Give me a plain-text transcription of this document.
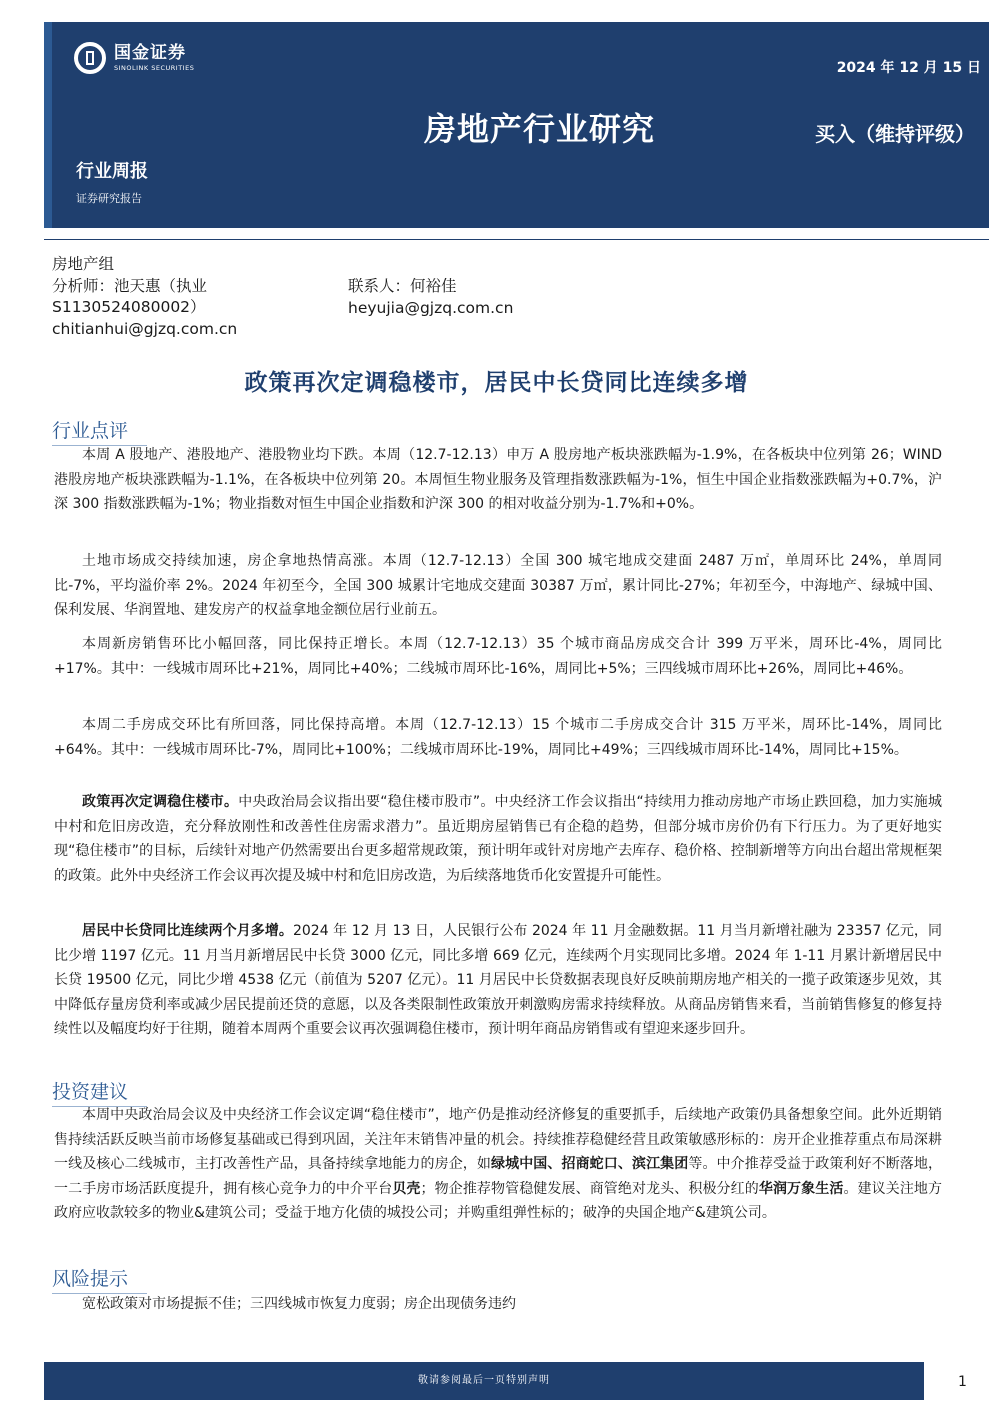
国金证券
SINOLINK SECURITIES	2024 年 12 月 15 日
房地产行业研究	买入（维持评级）
行业周报
证券研究报告
房地产组
分析师：池天惠（执业
S1130524080002）
chitianhui@gjzq.com.cn
联系人：何裕佳
heyujia@gjzq.com.cn
政策再次定调稳楼市，居民中长贷同比连续多增
行业点评
本周 A 股地产、港股地产、港股物业均下跌。本周（12.7-12.13）申万 A 股房地产板块涨跌幅为-1.9%，在各板块中位列第 26；WIND 港股房地产板块涨跌幅为-1.1%，在各板块中位列第 20。本周恒生物业服务及管理指数涨跌幅为-1%，恒生中国企业指数涨跌幅为+0.7%，沪深 300 指数涨跌幅为-1%；物业指数对恒生中国企业指数和沪深 300 的相对收益分别为-1.7%和+0%。
土地市场成交持续加速，房企拿地热情高涨。本周（12.7-12.13）全国 300 城宅地成交建面 2487 万㎡，单周环比 24%，单周同比-7%，平均溢价率 2%。2024 年初至今，全国 300 城累计宅地成交建面 30387 万㎡，累计同比-27%；年初至今，中海地产、绿城中国、保利发展、华润置地、建发房产的权益拿地金额位居行业前五。
本周新房销售环比小幅回落，同比保持正增长。本周（12.7-12.13）35 个城市商品房成交合计 399 万平米，周环比-4%，周同比+17%。其中：一线城市周环比+21%，周同比+40%；二线城市周环比-16%，周同比+5%；三四线城市周环比+26%，周同比+46%。
本周二手房成交环比有所回落，同比保持高增。本周（12.7-12.13）15 个城市二手房成交合计 315 万平米，周环比-14%，周同比+64%。其中：一线城市周环比-7%，周同比+100%；二线城市周环比-19%，周同比+49%；三四线城市周环比-14%，周同比+15%。
政策再次定调稳住楼市。中央政治局会议指出要“稳住楼市股市”。中央经济工作会议指出“持续用力推动房地产市场止跌回稳，加力实施城中村和危旧房改造，充分释放刚性和改善性住房需求潜力”。虽近期房屋销售已有企稳的趋势，但部分城市房价仍有下行压力。为了更好地实现“稳住楼市”的目标，后续针对地产仍然需要出台更多超常规政策，预计明年或针对房地产去库存、稳价格、控制新增等方向出台超出常规框架的政策。此外中央经济工作会议再次提及城中村和危旧房改造，为后续落地货币化安置提升可能性。
居民中长贷同比连续两个月多增。2024 年 12 月 13 日，人民银行公布 2024 年 11 月金融数据。11 月当月新增社融为 23357 亿元，同比少增 1197 亿元。11 月当月新增居民中长贷 3000 亿元，同比多增 669 亿元，连续两个月实现同比多增。2024 年 1-11 月累计新增居民中长贷 19500 亿元，同比少增 4538 亿元（前值为 5207 亿元）。11 月居民中长贷数据表现良好反映前期房地产相关的一揽子政策逐步见效，其中降低存量房贷利率或减少居民提前还贷的意愿，以及各类限制性政策放开刺激购房需求持续释放。从商品房销售来看，当前销售修复的修复持续性以及幅度均好于往期，随着本周两个重要会议再次强调稳住楼市，预计明年商品房销售或有望迎来逐步回升。
投资建议
本周中央政治局会议及中央经济工作会议定调“稳住楼市”，地产仍是推动经济修复的重要抓手，后续地产政策仍具备想象空间。此外近期销售持续活跃反映当前市场修复基础或已得到巩固，关注年末销售冲量的机会。持续推荐稳健经营且政策敏感形标的：房开企业推荐重点布局深耕一线及核心二线城市，主打改善性产品，具备持续拿地能力的房企，如绿城中国、招商蛇口、滨江集团等。中介推荐受益于政策利好不断落地，一二手房市场活跃度提升，拥有核心竞争力的中介平台贝壳；物企推荐物管稳健发展、商管绝对龙头、积极分红的华润万象生活。建议关注地方政府应收款较多的物业&建筑公司；受益于地方化债的城投公司；并购重组弹性标的；破净的央国企地产&建筑公司。
风险提示
宽松政策对市场提振不佳；三四线城市恢复力度弱；房企出现债务违约
敬请参阅最后一页特别声明	1
